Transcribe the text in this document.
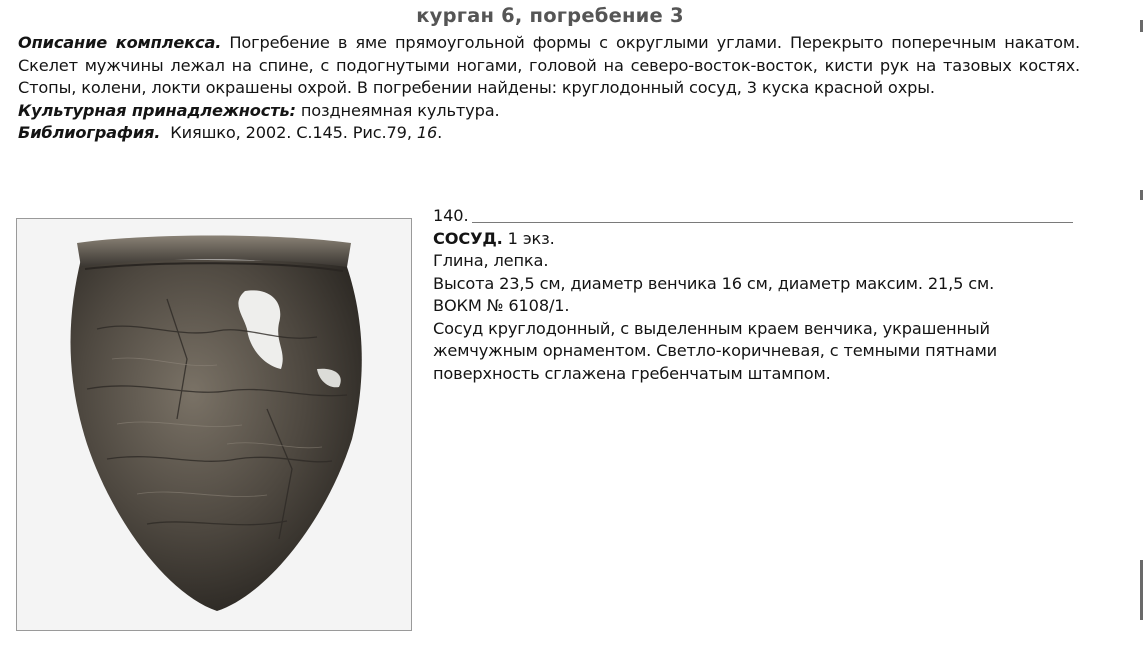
курган 6, погребение 3

Описание комплекса. Погребение в яме прямоугольной формы с округлыми углами. Перекрыто поперечным накатом. Скелет мужчины лежал на спине, с подогнутыми ногами, головой на северо-восток-восток, кисти рук на тазовых костях. Стопы, колени, локти окрашены охрой. В погребении найдены: круглодонный сосуд, 3 куска красной охры.

Культурная принадлежность: позднеямная культура.

Библиография. Кияшко, 2002. С.145. Рис.79, 16.

140.

СОСУД. 1 экз.

Глина, лепка.

Высота 23,5 см, диаметр венчика 16 см, диаметр максим. 21,5 см.

ВОКМ № 6108/1.

Сосуд круглодонный, с выделенным краем венчика, украшенный жемчужным орнаментом. Светло-коричневая, с темными пятнами поверхность сглажена гребенчатым штампом.
